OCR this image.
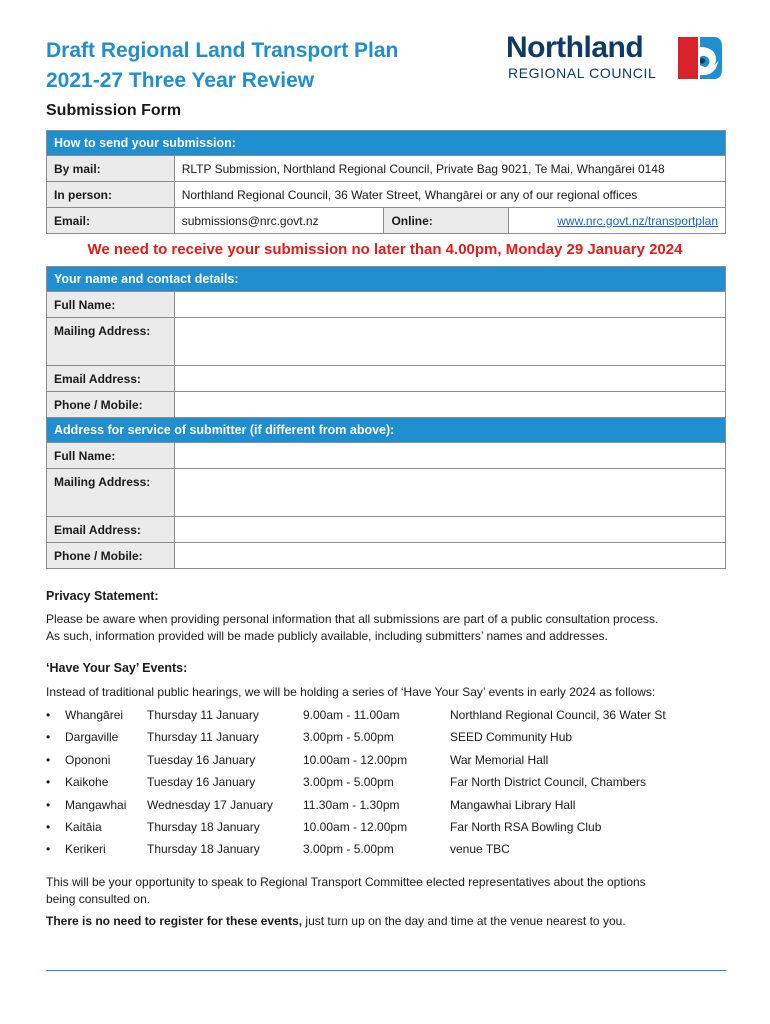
Draft Regional Land Transport Plan
2021-27 Three Year Review
Northland
REGIONAL COUNCIL
Submission Form
How to send your submission:			
By mail:	RLTP Submission, Northland Regional Council, Private Bag 9021, Te Mai, Whangārei 0148		
In person:	Northland Regional Council, 36 Water Street, Whangārei or any of our regional offices		
Email:	submissions@nrc.govt.nz	Online:	www.nrc.govt.nz/transportplan
We need to receive your submission no later than 4.00pm, Monday 29 January 2024
Your name and contact details:	
Full Name:	
Mailing Address:	
Email Address:	
Phone / Mobile:	
Address for service of submitter (if different from above):	
Full Name:	
Mailing Address:	
Email Address:	
Phone / Mobile:	
Privacy Statement:
Please be aware when providing personal information that all submissions are part of a public consultation process.
As such, information provided will be made publicly available, including submitters’ names and addresses.
‘Have Your Say’ Events:
Instead of traditional public hearings, we will be holding a series of ‘Have Your Say’ events in early 2024 as follows:
• Whangārei Thursday 11 January	9.00am - 11.00am	Northland Regional Council, 36 Water St
• Dargaville Thursday 11 January	3.00pm - 5.00pm	SEED Community Hub
• Opononi	Tuesday 16 January	10.00am - 12.00pm	War Memorial Hall
• Kaikohe	Tuesday 16 January	3.00pm - 5.00pm	Far North District Council, Chambers
• Mangawhai Wednesday 17 January	11.30am - 1.30pm	Mangawhai Library Hall
• Kaitāia	Thursday 18 January	10.00am - 12.00pm	Far North RSA Bowling Club
• Kerikeri	Thursday 18 January	3.00pm - 5.00pm	venue TBC
This will be your opportunity to speak to Regional Transport Committee elected representatives about the options
being consulted on.
There is no need to register for these events, just turn up on the day and time at the venue nearest to you.
